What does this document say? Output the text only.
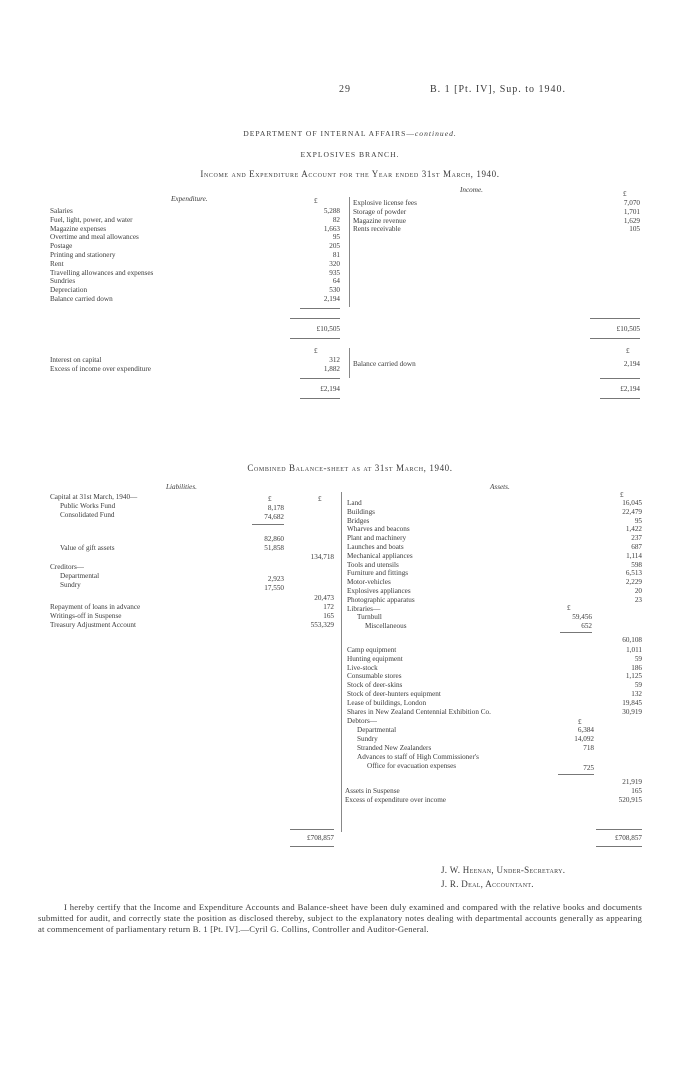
29	B. 1 [Pt. IV], Sup. to 1940.
DEPARTMENT OF INTERNAL AFFAIRS—continued.
EXPLOSIVES BRANCH.
Income and Expenditure Account for the Year ended 31st March, 1940.
Expenditure.
Income.
£
£
Salaries	5,288
Fuel, light, power, and water	82
Magazine expenses	1,663
Overtime and meal allowances	95
Postage	205
Printing and stationery	81
Rent	320
Travelling allowances and expenses	935
Sundries	64
Depreciation	530
Balance carried down	2,194
Explosive license fees	7,070
Storage of powder	1,701
Magazine revenue	1,629
Rents receivable	105
£10,505	£10,505
£	£
Interest on capital	312
Excess of income over expenditure	1,882
Balance carried down	2,194
£2,194	£2,194
Combined Balance-sheet as at 31st March, 1940.
Liabilities.	Assets.
£	£
Capital at 31st March, 1940—
Public Works Fund	8,178
Consolidated Fund	74,682
82,860
Value of gift assets	51,858
134,718
Creditors—
Departmental	2,923
Sundry	17,550
20,473
Repayment of loans in advance	172
Writings-off in Suspense	165
Treasury Adjustment Account	553,329
£
Land	16,045
Buildings	22,479
Bridges	95
Wharves and beacons	1,422
Plant and machinery	237
Launches and boats	687
Mechanical appliances	1,114
Tools and utensils	598
Furniture and fittings	6,513
Motor-vehicles	2,229
Explosives appliances	20
Photographic apparatus	23
Libraries—	£
Turnbull	59,456
Miscellaneous	652
60,108
Camp equipment	1,011
Hunting equipment	59
Live-stock	186
Consumable stores	1,125
Stock of deer-skins	59
Stock of deer-hunters equipment	132
Lease of buildings, London	19,845
Shares in New Zealand Centennial Exhibition Co.	30,919
Debtors—	£
Departmental	6,384
Sundry	14,092
Stranded New Zealanders	718
Advances to staff of High Commissioner's
Office for evacuation expenses	725
21,919
Assets in Suspense	165
Excess of expenditure over income	520,915
£708,857	£708,857
J. W. Heenan, Under-Secretary.
J. R. Deal, Accountant.
I hereby certify that the Income and Expenditure Accounts and Balance-sheet have been duly examined and compared with the relative books and documents submitted for audit, and correctly state the position as disclosed thereby, subject to the explanatory notes dealing with departmental accounts generally as appearing at commencement of parliamentary return B. 1 [Pt. IV].—Cyril G. Collins, Controller and Auditor-General.
